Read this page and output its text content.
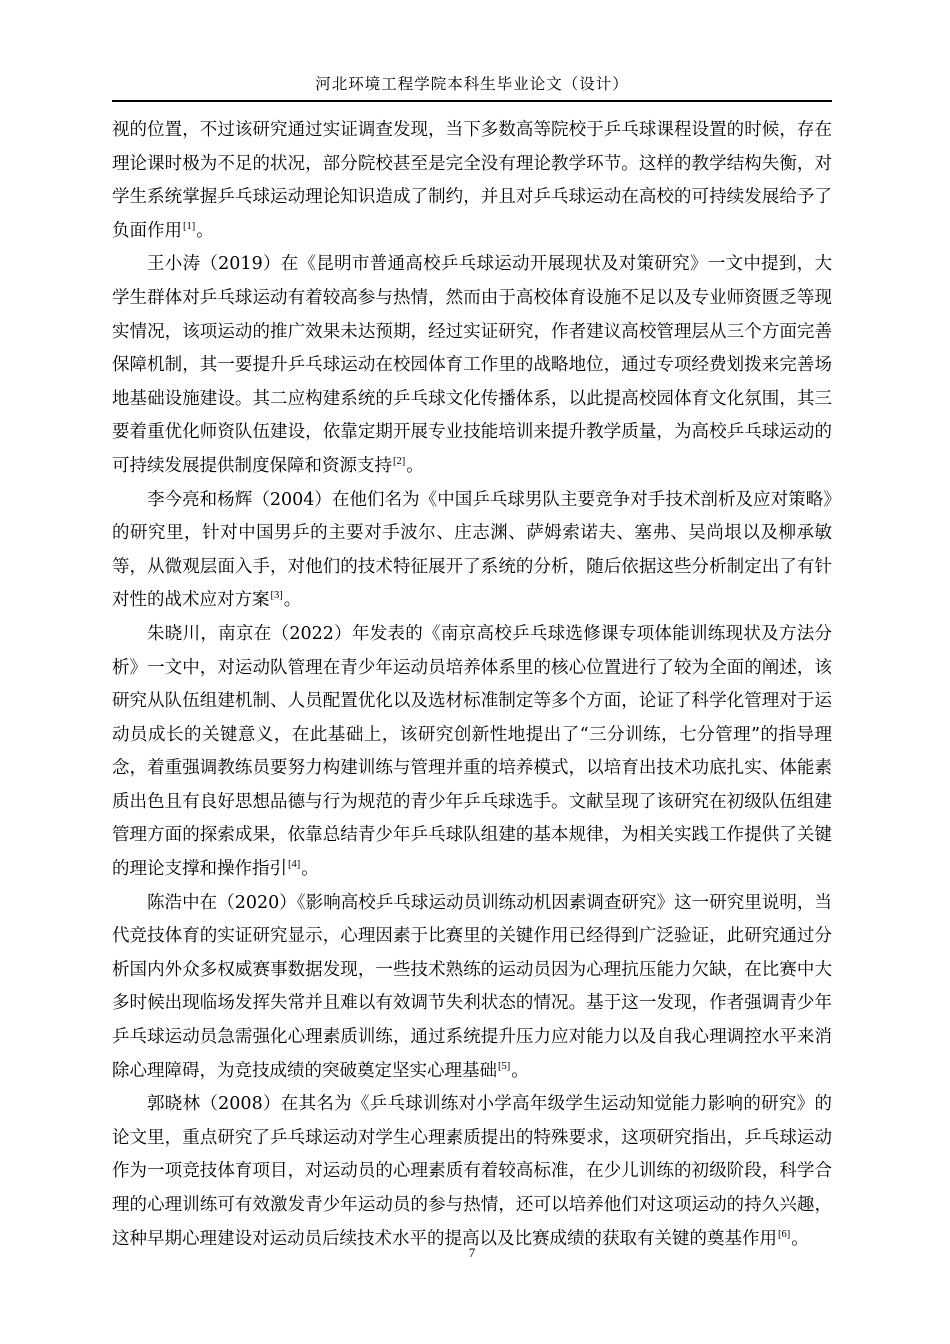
河北环境工程学院本科生毕业论文（设计）

视的位置，不过该研究通过实证调查发现，当下多数高等院校于乒乓球课程设置的时候，存在理论课时极为不足的状况，部分院校甚至是完全没有理论教学环节。这样的教学结构失衡，对学生系统掌握乒乓球运动理论知识造成了制约，并且对乒乓球运动在高校的可持续发展给予了负面作用[1]。

王小涛（2019）在《昆明市普通高校乒乓球运动开展现状及对策研究》一文中提到，大学生群体对乒乓球运动有着较高参与热情，然而由于高校体育设施不足以及专业师资匮乏等现实情况，该项运动的推广效果未达预期，经过实证研究，作者建议高校管理层从三个方面完善保障机制，其一要提升乒乓球运动在校园体育工作里的战略地位，通过专项经费划拨来完善场地基础设施建设。其二应构建系统的乒乓球文化传播体系，以此提高校园体育文化氛围，其三要着重优化师资队伍建设，依靠定期开展专业技能培训来提升教学质量，为高校乒乓球运动的可持续发展提供制度保障和资源支持[2]。

李今亮和杨辉（2004）在他们名为《中国乒乓球男队主要竞争对手技术剖析及应对策略》的研究里，针对中国男乒的主要对手波尔、庄志渊、萨姆索诺夫、塞弗、吴尚垠以及柳承敏等，从微观层面入手，对他们的技术特征展开了系统的分析，随后依据这些分析制定出了有针对性的战术应对方案[3]。

朱晓川，南京在（2022）年发表的《南京高校乒乓球选修课专项体能训练现状及方法分析》一文中，对运动队管理在青少年运动员培养体系里的核心位置进行了较为全面的阐述，该研究从队伍组建机制、人员配置优化以及选材标准制定等多个方面，论证了科学化管理对于运动员成长的关键意义，在此基础上，该研究创新性地提出了“三分训练，七分管理”的指导理念，着重强调教练员要努力构建训练与管理并重的培养模式，以培育出技术功底扎实、体能素质出色且有良好思想品德与行为规范的青少年乒乓球选手。文献呈现了该研究在初级队伍组建管理方面的探索成果，依靠总结青少年乒乓球队组建的基本规律，为相关实践工作提供了关键的理论支撑和操作指引[4]。

陈浩中在（2020）《影响高校乒乓球运动员训练动机因素调查研究》这一研究里说明，当代竞技体育的实证研究显示，心理因素于比赛里的关键作用已经得到广泛验证，此研究通过分析国内外众多权威赛事数据发现，一些技术熟练的运动员因为心理抗压能力欠缺，在比赛中大多时候出现临场发挥失常并且难以有效调节失利状态的情况。基于这一发现，作者强调青少年乒乓球运动员急需强化心理素质训练，通过系统提升压力应对能力以及自我心理调控水平来消除心理障碍，为竞技成绩的突破奠定坚实心理基础[5]。

郭晓林（2008）在其名为《乒乓球训练对小学高年级学生运动知觉能力影响的研究》的论文里，重点研究了乒乓球运动对学生心理素质提出的特殊要求，这项研究指出，乒乓球运动作为一项竞技体育项目，对运动员的心理素质有着较高标准，在少儿训练的初级阶段，科学合理的心理训练可有效激发青少年运动员的参与热情，还可以培养他们对这项运动的持久兴趣，这种早期心理建设对运动员后续技术水平的提高以及比赛成绩的获取有关键的奠基作用[6]。

7
